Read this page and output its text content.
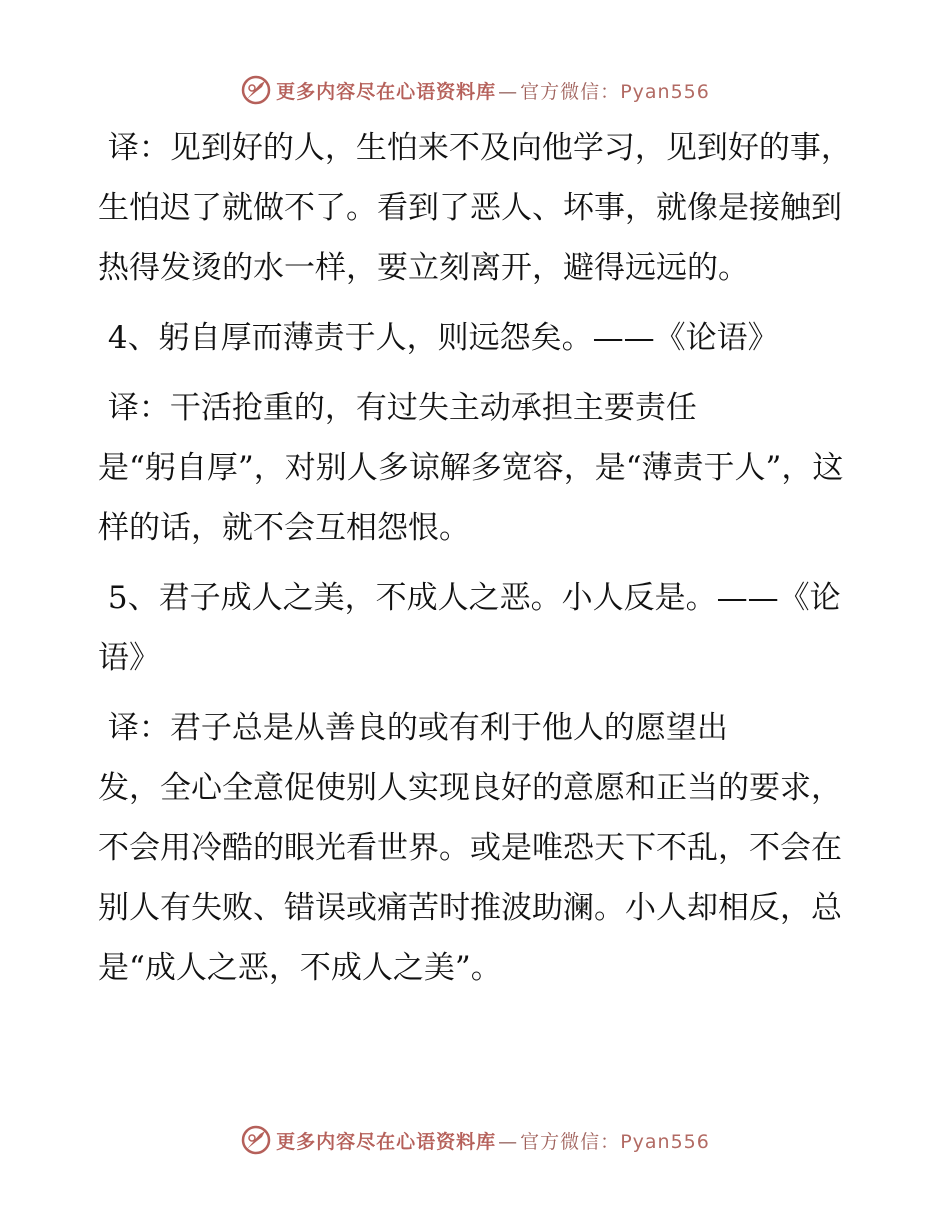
更多内容尽在心语资料库 — 官方微信：Pyan556

译：见到好的人，生怕来不及向他学习，见到好的事，生怕迟了就做不了。看到了恶人、坏事，就像是接触到热得发烫的水一样，要立刻离开，避得远远的。

4、躬自厚而薄责于人，则远怨矣。——《论语》

译：干活抢重的，有过失主动承担主要责任
是“躬自厚”，对别人多谅解多宽容，是“薄责于人”，这样的话，就不会互相怨恨。

5、君子成人之美，不成人之恶。小人反是。——《论语》

译：君子总是从善良的或有利于他人的愿望出
发，全心全意促使别人实现良好的意愿和正当的要求，不会用冷酷的眼光看世界。或是唯恐天下不乱，不会在别人有失败、错误或痛苦时推波助澜。小人却相反，总是“成人之恶，不成人之美”。

更多内容尽在心语资料库 — 官方微信：Pyan556
